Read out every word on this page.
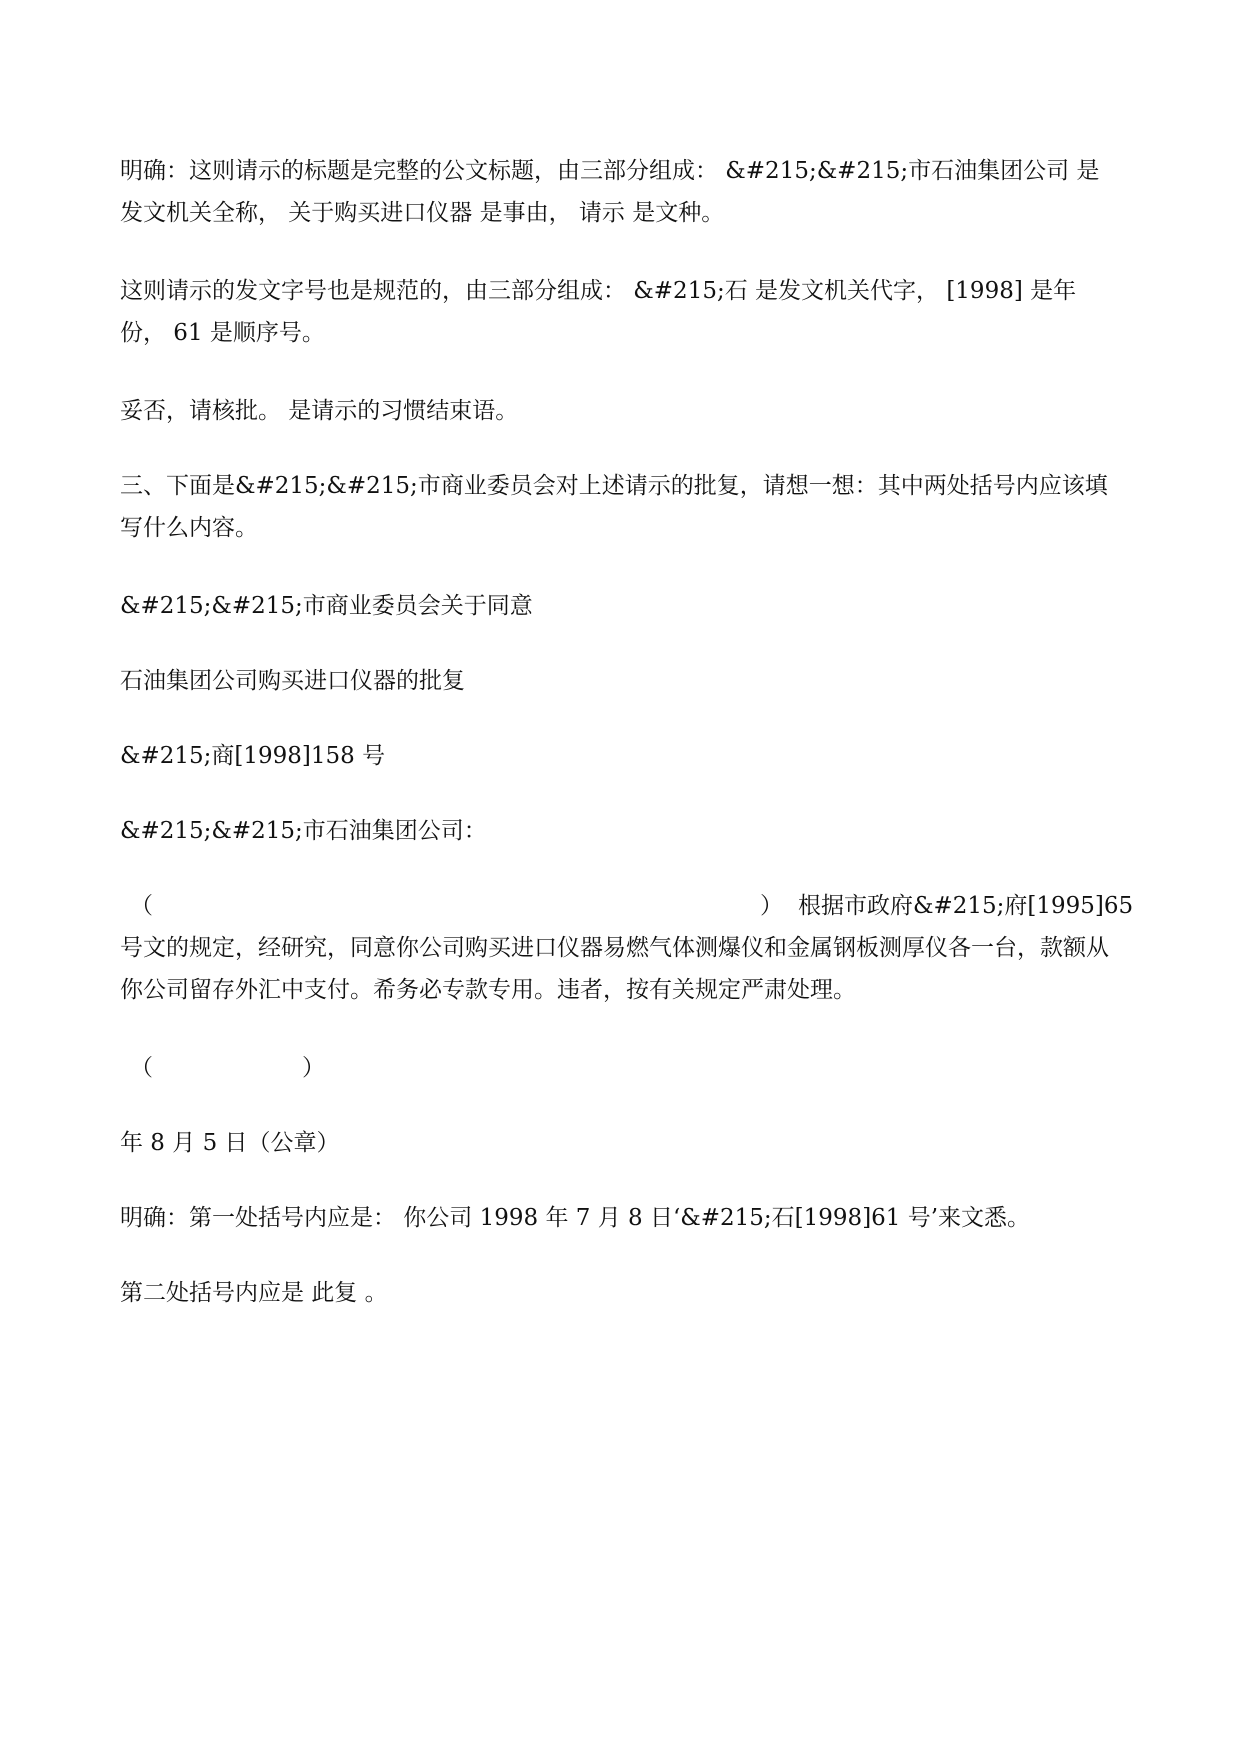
明确：这则请示的标题是完整的公文标题，由三部分组成： &#215;&#215;市石油集团公司 是发文机关全称， 关于购买进口仪器 是事由， 请示 是文种。

这则请示的发文字号也是规范的，由三部分组成： &#215;石 是发文机关代字， [1998] 是年份， 61 是顺序号。

妥否，请核批。 是请示的习惯结束语。

三、下面是&#215;&#215;市商业委员会对上述请示的批复，请想一想：其中两处括号内应该填写什么内容。

&#215;&#215;市商业委员会关于同意

石油集团公司购买进口仪器的批复

&#215;商[1998]158 号

&#215;&#215;市石油集团公司：

（	） 根据市政府&#215;府[1995]65

号文的规定，经研究，同意你公司购买进口仪器易燃气体测爆仪和金属钢板测厚仪各一台，款额从你公司留存外汇中支付。希务必专款专用。违者，按有关规定严肃处理。

（	）

年 8 月 5 日（公章）

明确：第一处括号内应是： 你公司 1998 年 7 月 8 日‘&#215;石[1998]61 号’来文悉。

第二处括号内应是 此复 。
